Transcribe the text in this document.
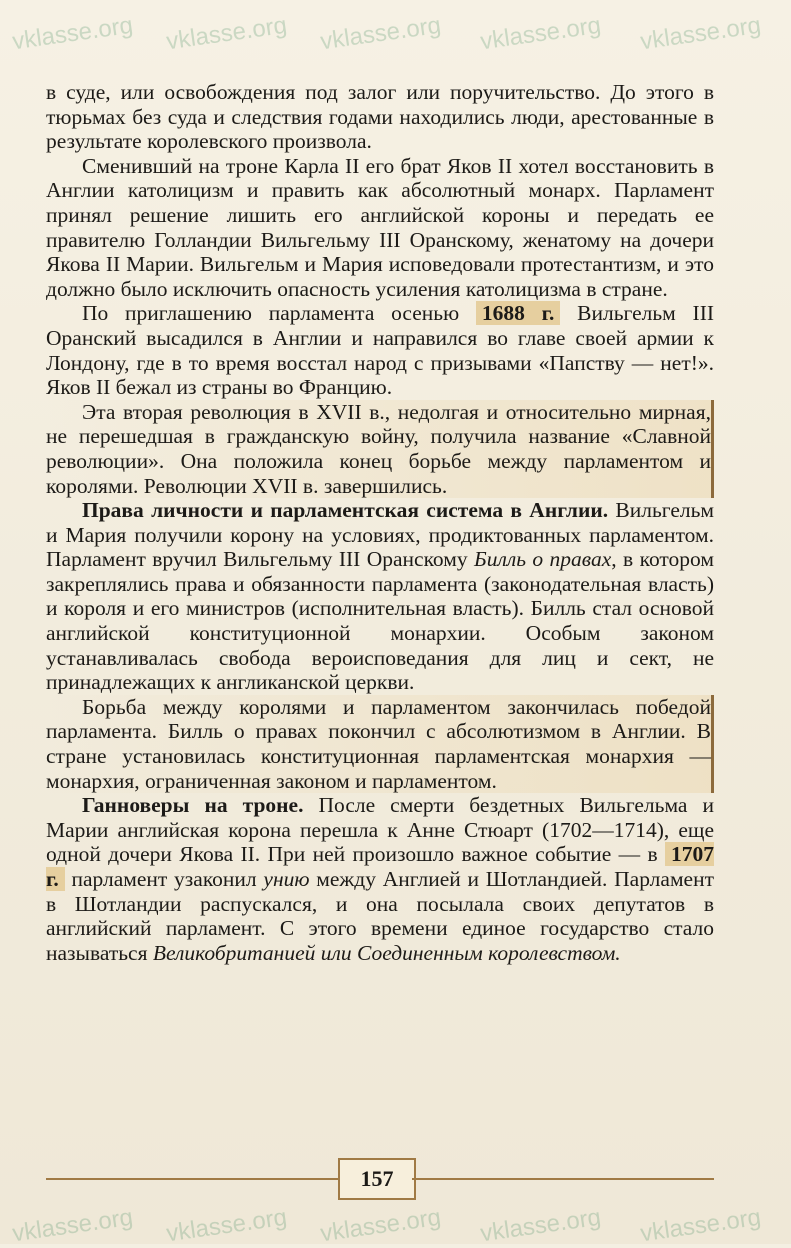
vklasse.org vklasse.org vklasse.org vklasse.org vklasse.org

в суде, или освобождения под залог или поручительство. До этого в тюрьмах без суда и следствия годами находились люди, арестованные в результате королевского произвола.

Сменивший на троне Карла II его брат Яков II хотел восстановить в Англии католицизм и править как абсолютный монарх. Парламент принял решение лишить его английской короны и передать ее правителю Голландии Вильгельму III Оранскому, женатому на дочери Якова II Марии. Вильгельм и Мария исповедовали протестантизм, и это должно было исключить опасность усиления католицизма в стране.

По приглашению парламента осенью 1688 г. Вильгельм III Оранский высадился в Англии и направился во главе своей армии к Лондону, где в то время восстал народ с призывами «Папству — нет!». Яков II бежал из страны во Францию.

Эта вторая революция в XVII в., недолгая и относительно мирная, не перешедшая в гражданскую войну, получила название «Славной революции». Она положила конец борьбе между парламентом и королями. Революции XVII в. завершились.

Права личности и парламентская система в Англии. Вильгельм и Мария получили корону на условиях, продиктованных парламентом. Парламент вручил Вильгельму III Оранскому Билль о правах, в котором закреплялись права и обязанности парламента (законодательная власть) и короля и его министров (исполнительная власть). Билль стал основой английской конституционной монархии. Особым законом устанавливалась свобода вероисповедания для лиц и сект, не принадлежащих к англиканской церкви.

Борьба между королями и парламентом закончилась победой парламента. Билль о правах покончил с абсолютизмом в Англии. В стране установилась конституционная парламентская монархия — монархия, ограниченная законом и парламентом.

Ганноверы на троне. После смерти бездетных Вильгельма и Марии английская корона перешла к Анне Стюарт (1702—1714), еще одной дочери Якова II. При ней произошло важное событие — в 1707 г. парламент узаконил унию между Англией и Шотландией. Парламент в Шотландии распускался, и она посылала своих депутатов в английский парламент. С этого времени единое государство стало называться Великобританией или Соединенным королевством.

157
vklasse.org vklasse.org vklasse.org vklasse.org vklasse.org
